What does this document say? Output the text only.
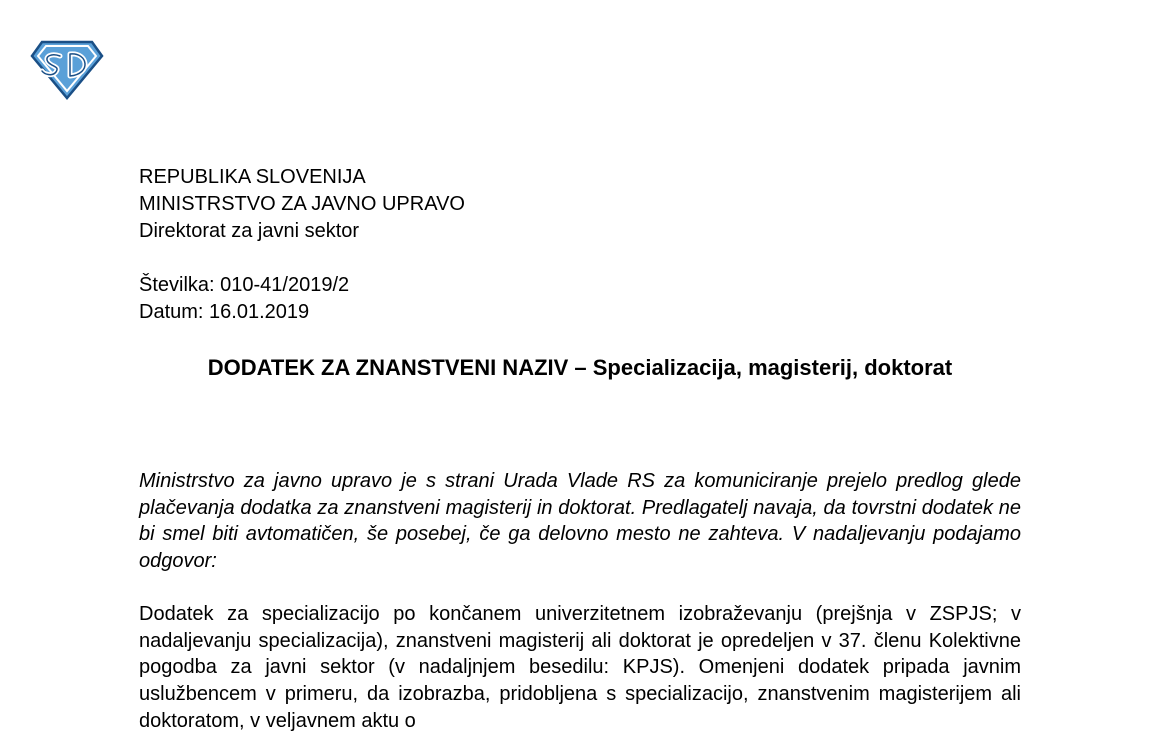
REPUBLIKA SLOVENIJA
MINISTRSTVO ZA JAVNO UPRAVO
Direktorat za javni sektor
Številka: 010-41/2019/2
Datum: 16.01.2019
DODATEK ZA ZNANSTVENI NAZIV – Specializacija, magisterij, doktorat
Ministrstvo za javno upravo je s strani Urada Vlade RS za komuniciranje prejelo predlog glede plačevanja dodatka za znanstveni magisterij in doktorat. Predlagatelj navaja, da tovrstni dodatek ne bi smel biti avtomatičen, še posebej, če ga delovno mesto ne zahteva. V nadaljevanju podajamo odgovor:
Dodatek za specializacijo po končanem univerzitetnem izobraževanju (prejšnja v ZSPJS; v nadaljevanju specializacija), znanstveni magisterij ali doktorat je opredeljen v 37. členu Kolektivne pogodba za javni sektor (v nadaljnjem besedilu: KPJS). Omenjeni dodatek pripada javnim uslužbencem v primeru, da izobrazba, pridobljena s specializacijo, znanstvenim magisterijem ali doktoratom, v veljavnem aktu o
